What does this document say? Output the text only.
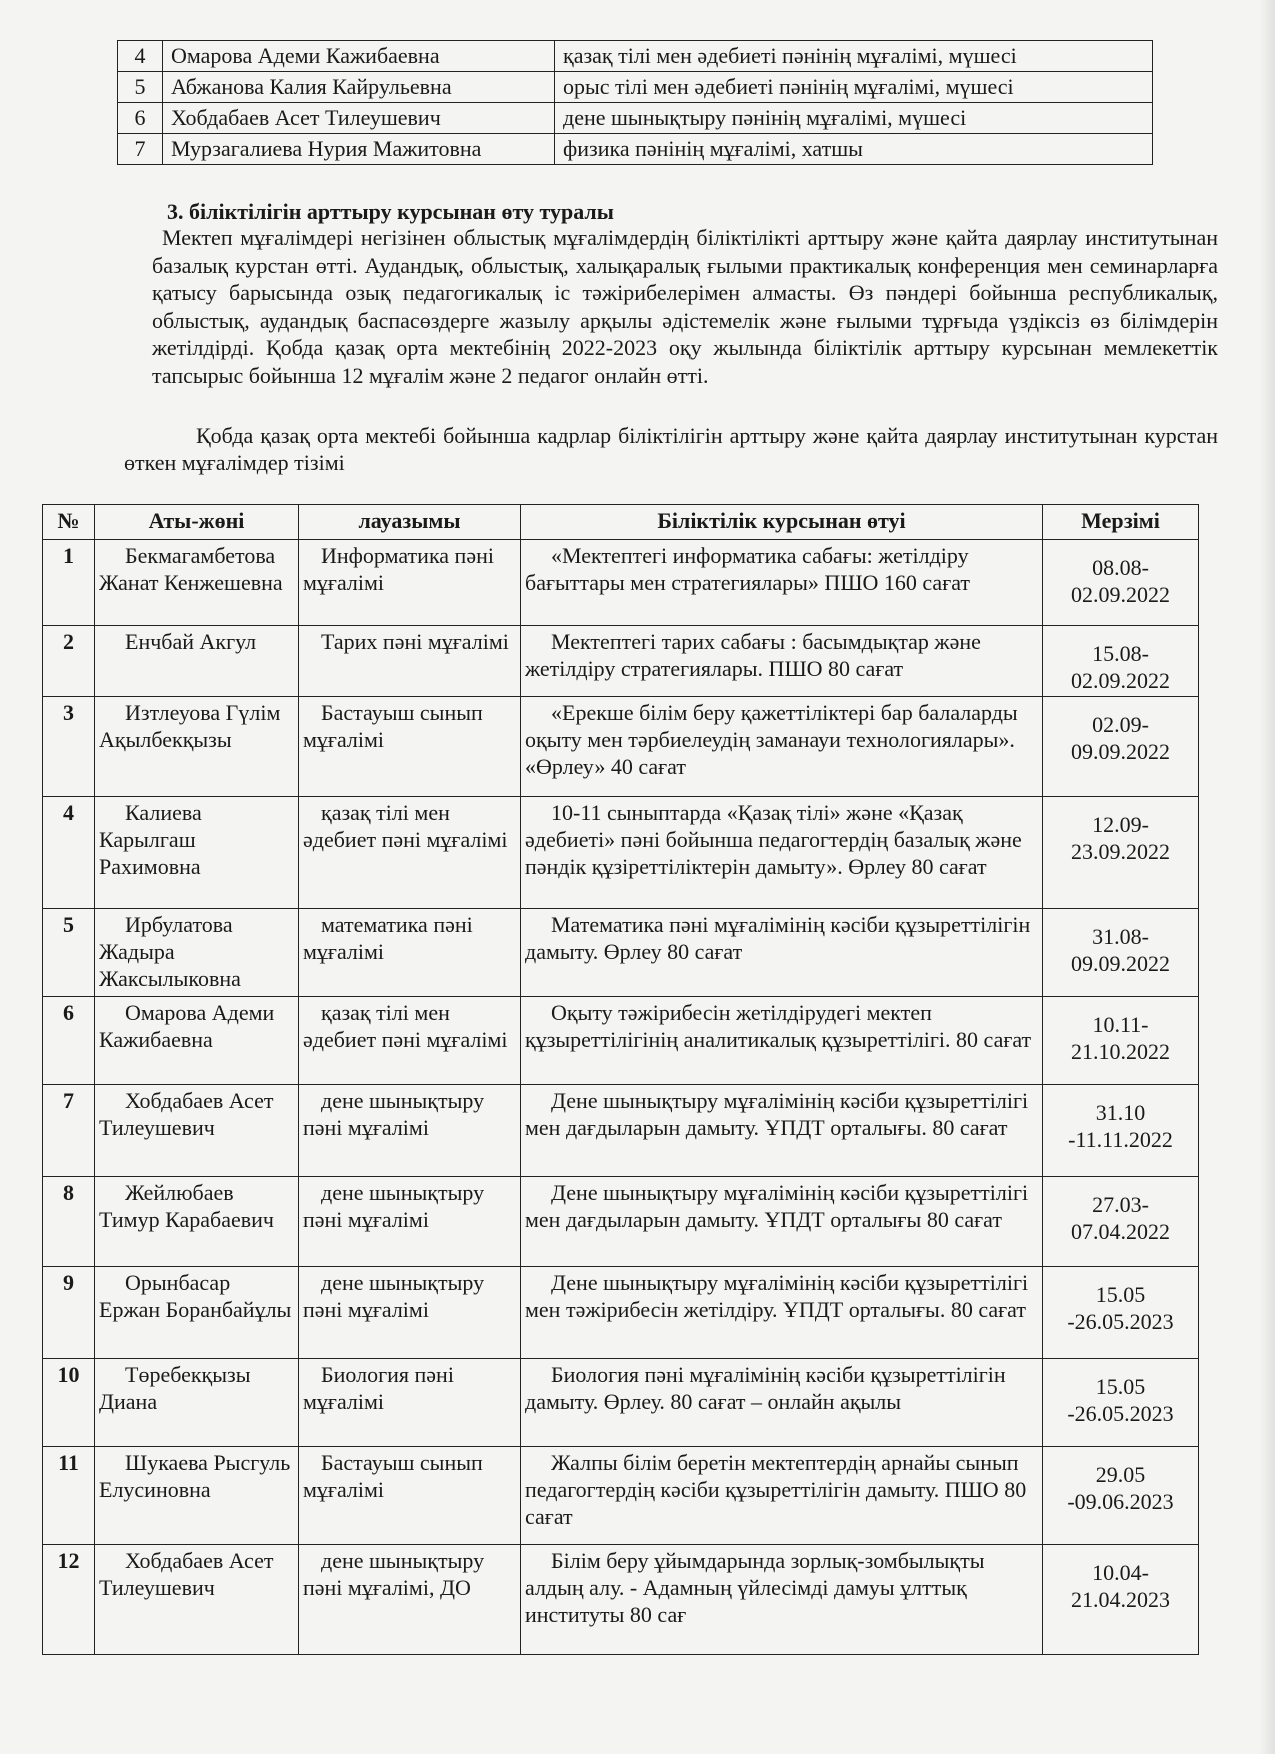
4	Омарова Адеми Кажибаевна	қазақ тілі мен әдебиеті пәнінің мұғалімі, мүшесі
5	Абжанова Калия Кайрульевна	орыс тілі мен әдебиеті пәнінің мұғалімі, мүшесі
6	Хобдабаев Асет Тилеушевич	дене шынықтыру пәнінің мұғалімі, мүшесі
7	Мурзагалиева Нурия Мажитовна	физика пәнінің мұғалімі, хатшы
3. біліктілігін арттыру курсынан өту туралы

Мектеп мұғалімдері негізінен облыстық мұғалімдердің біліктілікті арттыру және қайта даярлау институтынан базалық курстан өтті. Аудандық, облыстық, халықаралық ғылыми практикалық конференция мен семинарларға қатысу барысында озық педагогикалық іс тәжірибелерімен алмасты. Өз пәндері бойынша республикалық, облыстық, аудандық баспасөздерге жазылу арқылы әдістемелік және ғылыми тұрғыда үздіксіз өз білімдерін жетілдірді. Қобда қазақ орта мектебінің 2022-2023 оқу жылында біліктілік арттыру курсынан мемлекеттік тапсырыс бойынша 12 мұғалім және 2 педагог онлайн өтті.

Қобда қазақ орта мектебі бойынша кадрлар біліктілігін арттыру және қайта даярлау институтынан курстан өткен мұғалімдер тізімі

№	Аты-жөні	лауазымы	Біліктілік курсынан өтуі	Мерзімі
1	Бекмагамбетова Жанат Кенжешевна	Информатика пәні мұғалімі	«Мектептегі информатика сабағы: жетілдіру бағыттары мен стратегиялары» ПШО 160 сағат	08.08-02.09.2022
2	Енчбай Акгул	Тарих пәні мұғалімі	Мектептегі тарих сабағы : басымдықтар және жетілдіру стратегиялары. ПШО 80 сағат	15.08-02.09.2022
3	Изтлеуова Гүлім Ақылбекқызы	Бастауыш сынып мұғалімі	«Ерекше білім беру қажеттіліктері бар балаларды оқыту мен тәрбиелеудің заманауи технологиялары». «Өрлеу» 40 сағат	02.09-09.09.2022
4	Калиева Карылгаш Рахимовна	қазақ тілі мен әдебиет пәні мұғалімі	10-11 сыныптарда «Қазақ тілі» және «Қазақ әдебиеті» пәні бойынша педагогтердің базалық және пәндік құзіреттіліктерін дамыту». Өрлеу 80 сағат	12.09-23.09.2022
5	Ирбулатова Жадыра Жаксылыковна	математика пәні мұғалімі	Математика пәні мұғалімінің кәсіби құзыреттілігін дамыту. Өрлеу 80 сағат	31.08-09.09.2022
6	Омарова Адеми Кажибаевна	қазақ тілі мен әдебиет пәні мұғалімі	Оқыту тәжірибесін жетілдірудегі мектеп құзыреттілігінің аналитикалық құзыреттілігі. 80 сағат	10.11-21.10.2022
7	Хобдабаев Асет Тилеушевич	дене шынықтыру пәні мұғалімі	Дене шынықтыру мұғалімінің кәсіби құзыреттілігі мен дағдыларын дамыту. ҰПДТ орталығы. 80 сағат	31.10 -11.11.2022
8	Жейлюбаев Тимур Карабаевич	дене шынықтыру пәні мұғалімі	Дене шынықтыру мұғалімінің кәсіби құзыреттілігі мен дағдыларын дамыту. ҰПДТ орталығы 80 сағат	27.03-07.04.2022
9	Орынбасар Ержан Боранбайұлы	дене шынықтыру пәні мұғалімі	Дене шынықтыру мұғалімінің кәсіби құзыреттілігі мен тәжірибесін жетілдіру. ҰПДТ орталығы. 80 сағат	15.05 -26.05.2023
10	Төребекқызы Диана	Биология пәні мұғалімі	Биология пәні мұғалімінің кәсіби құзыреттілігін дамыту. Өрлеу. 80 сағат – онлайн ақылы	15.05 -26.05.2023
11	Шукаева Рысгуль Елусиновна	Бастауыш сынып мұғалімі	Жалпы білім беретін мектептердің арнайы сынып педагогтердің кәсіби құзыреттілігін дамыту. ПШО 80 сағат	29.05 -09.06.2023
12	Хобдабаев Асет Тилеушевич	дене шынықтыру пәні мұғалімі, ДО	Білім беру ұйымдарында зорлық-зомбылықты алдың алу. - Адамның үйлесімді дамуы ұлттық институты 80 сағ	10.04-21.04.2023
